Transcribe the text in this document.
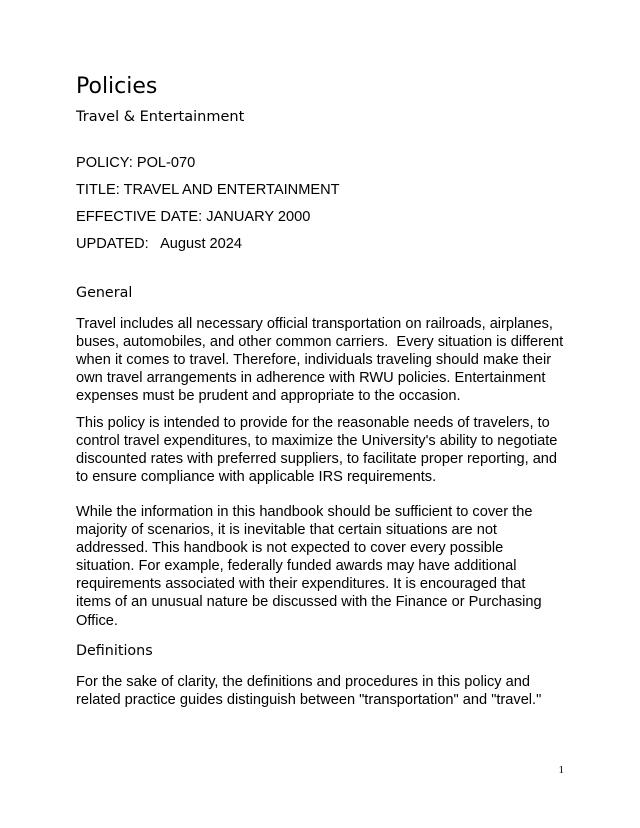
Policies

Travel & Entertainment

POLICY: POL-070

TITLE: TRAVEL AND ENTERTAINMENT

EFFECTIVE DATE: JANUARY 2000

UPDATED:   August 2024

General

Travel includes all necessary official transportation on railroads, airplanes,
buses, automobiles, and other common carriers.  Every situation is different
when it comes to travel. Therefore, individuals traveling should make their
own travel arrangements in adherence with RWU policies. Entertainment
expenses must be prudent and appropriate to the occasion.
This policy is intended to provide for the reasonable needs of travelers, to
control travel expenditures, to maximize the University's ability to negotiate
discounted rates with preferred suppliers, to facilitate proper reporting, and
to ensure compliance with applicable IRS requirements.
While the information in this handbook should be sufficient to cover the
majority of scenarios, it is inevitable that certain situations are not
addressed. This handbook is not expected to cover every possible
situation. For example, federally funded awards may have additional
requirements associated with their expenditures. It is encouraged that
items of an unusual nature be discussed with the Finance or Purchasing
Office.

Definitions

For the sake of clarity, the definitions and procedures in this policy and
related practice guides distinguish between "transportation" and "travel."
1
